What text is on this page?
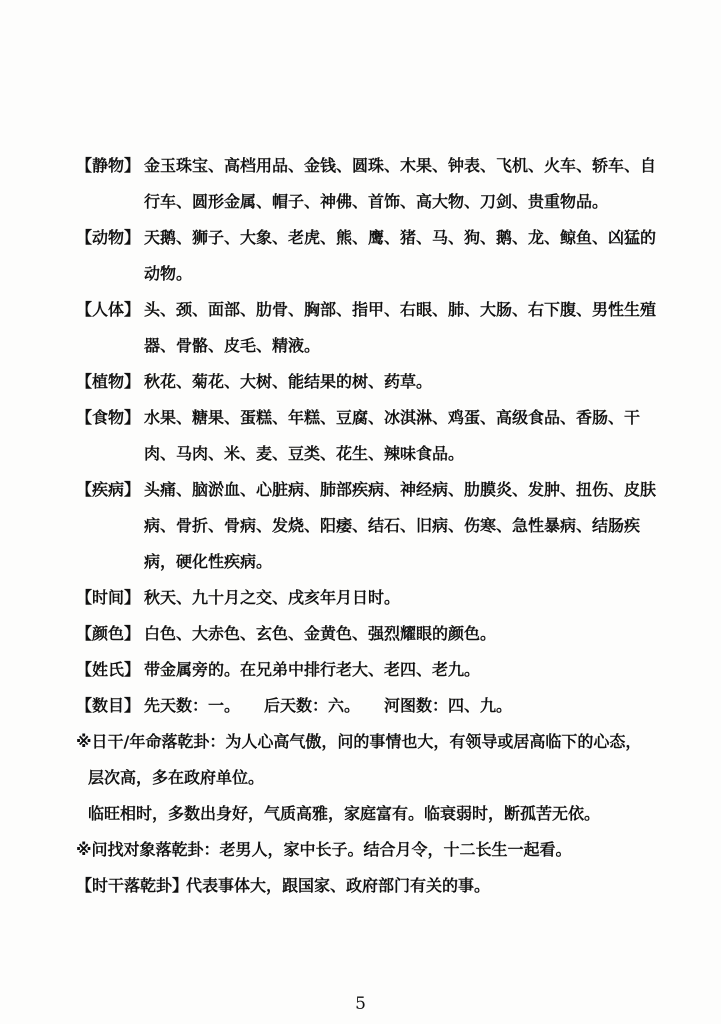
【静物】 金玉珠宝、高档用品、金钱、圆珠、木果、钟表、飞机、火车、轿车、自行车、圆形金属、帽子、神佛、首饰、高大物、刀剑、贵重物品。
【动物】 天鹅、狮子、大象、老虎、熊、鹰、猪、马、狗、鹅、龙、鲸鱼、凶猛的动物。
【人体】 头、颈、面部、肋骨、胸部、指甲、右眼、肺、大肠、右下腹、男性生殖器、骨骼、皮毛、精液。
【植物】 秋花、菊花、大树、能结果的树、药草。
【食物】 水果、糖果、蛋糕、年糕、豆腐、冰淇淋、鸡蛋、高级食品、香肠、干肉、马肉、米、麦、豆类、花生、辣味食品。
【疾病】 头痛、脑淤血、心脏病、肺部疾病、神经病、肋膜炎、发肿、扭伤、皮肤病、骨折、骨病、发烧、阳痿、结石、旧病、伤寒、急性暴病、结肠疾病，硬化性疾病。
【时间】 秋天、九十月之交、戌亥年月日时。
【颜色】 白色、大赤色、玄色、金黄色、强烈耀眼的颜色。
【姓氏】 带金属旁的。在兄弟中排行老大、老四、老九。
【数目】 先天数：一。　　后天数：六。　　河图数：四、九。
※日干/年命落乾卦：为人心高气傲，问的事情也大，有领导或居高临下的心态，
层次高，多在政府单位。
临旺相时，多数出身好，气质高雅，家庭富有。临衰弱时，断孤苦无依。
※问找对象落乾卦：老男人，家中长子。结合月令，十二长生一起看。
【时干落乾卦】
代表事体大，跟国家、政府部门有关的事。
5
